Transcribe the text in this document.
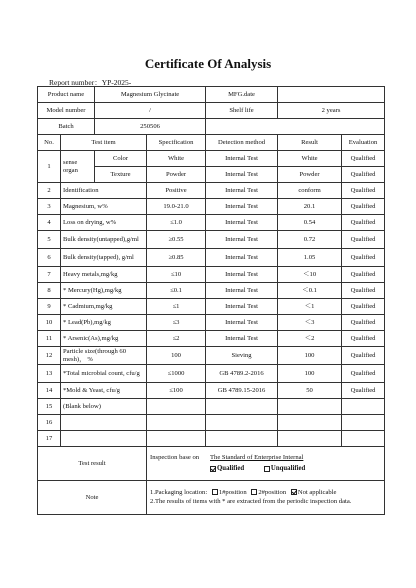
Certificate Of Analysis
Report number：YP-2025-
Product name		Magnesium Glycinate		MFG.date		
Model number		/		Shelf life	2 years	
Batch		250506				
No.	Test item		Specification	Detection method	Result	Evaluation
1	sense organ	Color	White	Internal Test	White	Qualified
		Texture	Powder	Internal Test	Powder	Qualified
2	Identification		Positive	Internal Test	conform	Qualified
3	Magnesium, w%		19.0-21.0	Internal Test	20.1	Qualified
4	Loss on drying, w%		≤1.0	Internal Test	0.54	Qualified
5	Bulk density(untapped),g/ml		≥0.55	Internal Test	0.72	Qualified
6	Bulk density(tapped), g/ml		≥0.85	Internal Test	1.05	Qualified
7	Heavy metals,mg/kg		≤10	Internal Test	＜10	Qualified
8	* Mercury(Hg),mg/kg		≤0.1	Internal Test	＜0.1	Qualified
9	* Cadmium,mg/kg		≤1	Internal Test	＜1	Qualified
10	* Lead(Pb),mg/kg		≤3	Internal Test	＜3	Qualified
11	* Arsenic(As),mg/kg		≤2	Internal Test	＜2	Qualified
12	Particle size(through 60 mesh)， %		100	Sieving	100	Qualified
13	*Total microbial count, cfu/g		≤1000	GB 4789.2-2016	100	Qualified
14	*Mold & Yeast, cfu/g		≤100	GB 4789.15-2016	50	Qualified
15	(Blank below)					
16						
17						
Test result			Inspection base on The Standard of Enterprise Internal
Qualified Unqualified			

Note			1.Packaging location: 1#position 2#position Not applicable
2.The results of items with * are extracted from the periodic inspection data.			
